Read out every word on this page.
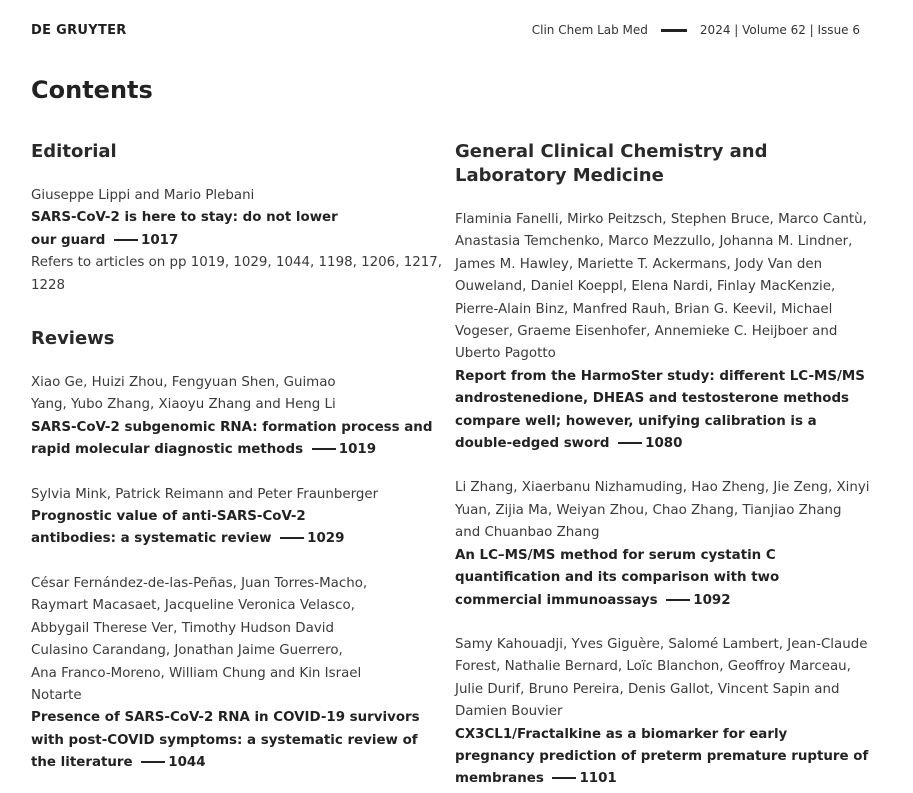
DE GRUYTER	Clin Chem Lab Med	2024 | Volume 62 | Issue 6
Contents
Editorial
Giuseppe Lippi and Mario Plebani
SARS-CoV-2 is here to stay: do not lower our guard	1017
Refers to articles on pp 1019, 1029, 1044, 1198, 1206, 1217, 1228
Reviews
Xiao Ge, Huizi Zhou, Fengyuan Shen, Guimao Yang, Yubo Zhang, Xiaoyu Zhang and Heng Li
SARS-CoV-2 subgenomic RNA: formation process and rapid molecular diagnostic methods	1019
Sylvia Mink, Patrick Reimann and Peter Fraunberger
Prognostic value of anti-SARS-CoV-2 antibodies: a systematic review	1029
César Fernández-de-las-Peñas, Juan Torres-Macho, Raymart Macasaet, Jacqueline Veronica Velasco, Abbygail Therese Ver, Timothy Hudson David Culasino Carandang, Jonathan Jaime Guerrero, Ana Franco-Moreno, William Chung and Kin Israel Notarte
Presence of SARS-CoV-2 RNA in COVID-19 survivors with post-COVID symptoms: a systematic review of the literature	1044
General Clinical Chemistry and Laboratory Medicine
Flaminia Fanelli, Mirko Peitzsch, Stephen Bruce, Marco Cantù, Anastasia Temchenko, Marco Mezzullo, Johanna M. Lindner, James M. Hawley, Mariette T. Ackermans, Jody Van den Ouweland, Daniel Koeppl, Elena Nardi, Finlay MacKenzie, Pierre-Alain Binz, Manfred Rauh, Brian G. Keevil, Michael Vogeser, Graeme Eisenhofer, Annemieke C. Heijboer and Uberto Pagotto
Report from the HarmoSter study: different LC-MS/MS androstenedione, DHEAS and testosterone methods compare well; however, unifying calibration is a double-edged sword	1080
Li Zhang, Xiaerbanu Nizhamuding, Hao Zheng, Jie Zeng, Xinyi Yuan, Zijia Ma, Weiyan Zhou, Chao Zhang, Tianjiao Zhang and Chuanbao Zhang
An LC–MS/MS method for serum cystatin C quantification and its comparison with two commercial immunoassays	1092
Samy Kahouadji, Yves Giguère, Salomé Lambert, Jean-Claude Forest, Nathalie Bernard, Loïc Blanchon, Geoffroy Marceau, Julie Durif, Bruno Pereira, Denis Gallot, Vincent Sapin and Damien Bouvier
CX3CL1/Fractalkine as a biomarker for early pregnancy prediction of preterm premature rupture of membranes	1101
